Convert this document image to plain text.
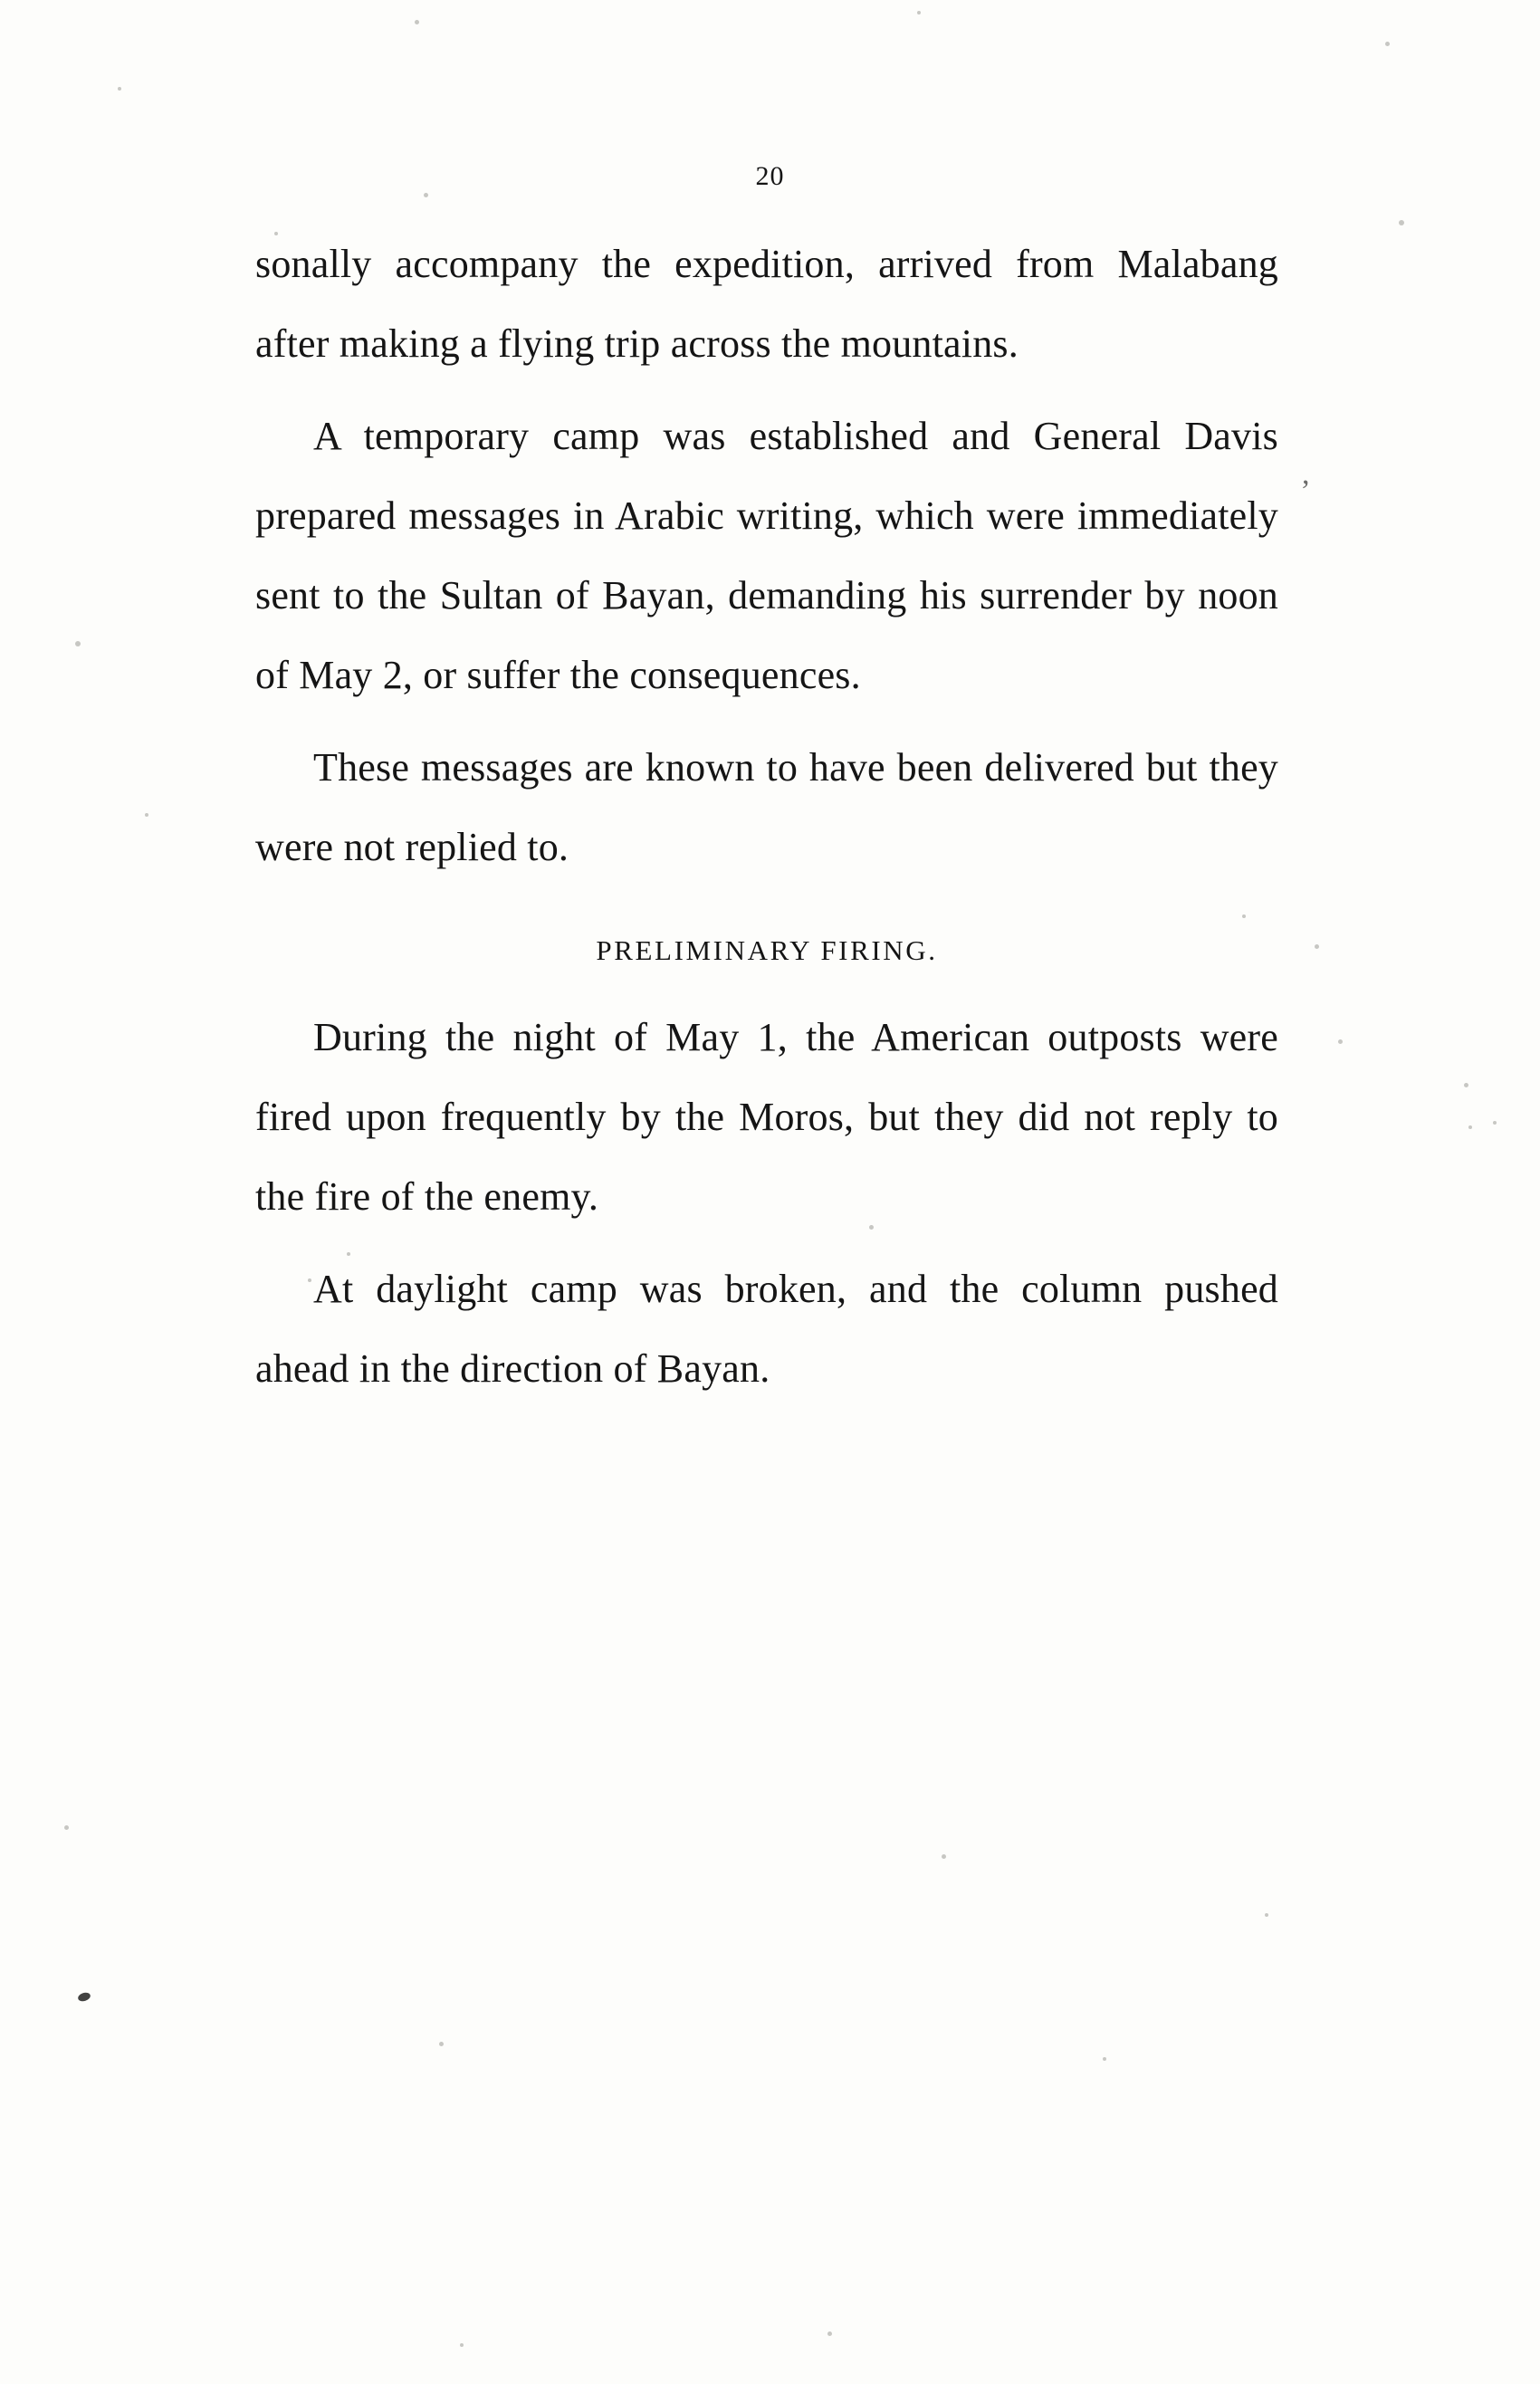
20

sonally accompany the expedition, arrived from Malabang after making a flying trip across the mountains.

A temporary camp was established and General Davis prepared messages in Arabic writing, which were immediately sent to the Sultan of Bayan, demanding his surrender by noon of May 2, or suffer the consequences.

These messages are known to have been delivered but they were not replied to.

PRELIMINARY FIRING.

During the night of May 1, the American outposts were fired upon frequently by the Moros, but they did not reply to the fire of the enemy.

At daylight camp was broken, and the column pushed ahead in the direction of Bayan.

,
